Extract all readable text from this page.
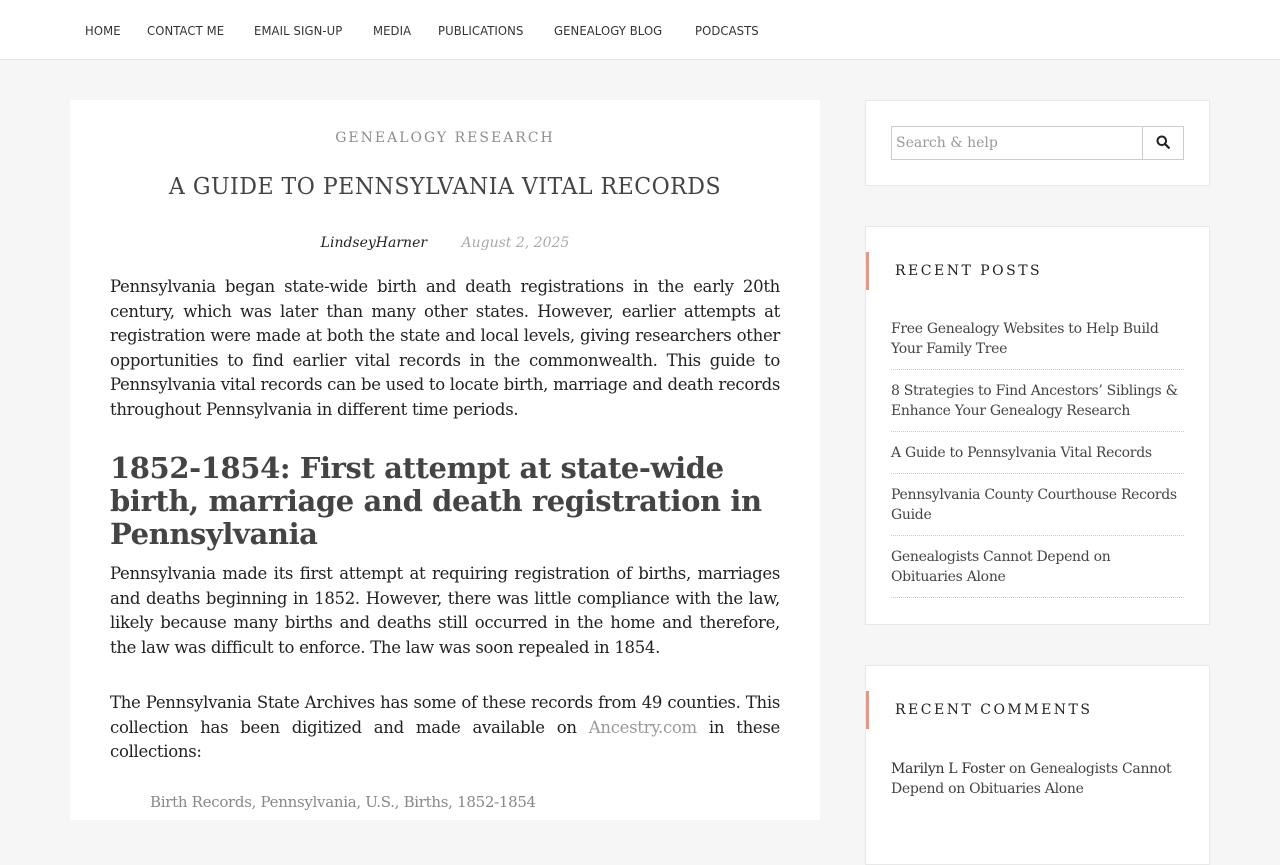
HOME CONTACT ME EMAIL SIGN-UP MEDIA PUBLICATIONS GENEALOGY BLOG	PODCASTS
GENEALOGY RESEARCH
A GUIDE TO PENNSYLVANIA VITAL RECORDS
LindseyHarner August 2, 2025

Pennsylvania began state-wide birth and death registrations in the early 20th century, which was later than many other states. However, earlier attempts at registration were made at both the state and local levels, giving researchers other opportunities to find earlier vital records in the commonwealth. This guide to Pennsylvania vital records can be used to locate birth, marriage and death records throughout Pennsylvania in different time periods.

1852-1854: First attempt at state-wide birth, marriage and death registration in Pennsylvania

Pennsylvania made its first attempt at requiring registration of births, marriages and deaths beginning in 1852. However, there was little compliance with the law, likely because many births and deaths still occurred in the home and therefore, the law was difficult to enforce. The law was soon repealed in 1854.

The Pennsylvania State Archives has some of these records from 49 counties. This collection has been digitized and made available on Ancestry.com in these collections:

Birth Records, Pennsylvania, U.S., Births, 1852-1854
Search & help
RECENT POSTS
Free Genealogy Websites to Help Build Your Family Tree
8 Strategies to Find Ancestors’ Siblings & Enhance Your Genealogy Research
A Guide to Pennsylvania Vital Records
Pennsylvania County Courthouse Records Guide
Genealogists Cannot Depend on Obituaries Alone
RECENT COMMENTS
Marilyn L Foster on Genealogists Cannot Depend on Obituaries Alone
